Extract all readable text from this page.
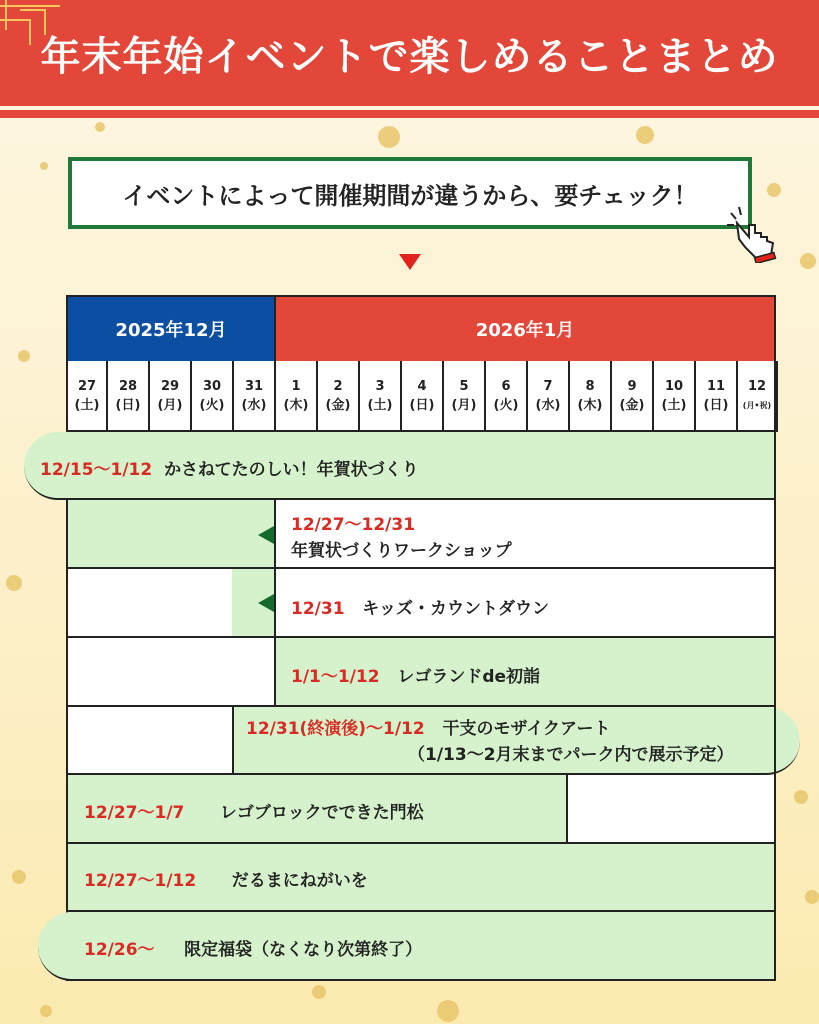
年末年始イベントで楽しめることまとめ
イベントによって開催期間が違うから、要チェック！
2025年12月	2026年1月
27
(土)
28
(日)
29
(月)
30
(火)
31
(水)
1
(木)
2
(金)
3
(土)
4
(日)
5
(月)
6
(火)
7
(水)
8
(木)
9
(金)
10
(土)
11
(日)
12
(月•祝)
12/15〜1/12 かさねてたのしい！年賀状づくり
12/27〜12/31
年賀状づくりワークショップ
12/31 キッズ・カウントダウン
1/1〜1/12 レゴランドde初詣
12/31(終演後)〜1/12 干支のモザイクアート
（1/13〜2月末までパーク内で展示予定）
12/27〜1/7 レゴブロックでできた門松
12/27〜1/12 だるまにねがいを
12/26〜 限定福袋（なくなり次第終了）
